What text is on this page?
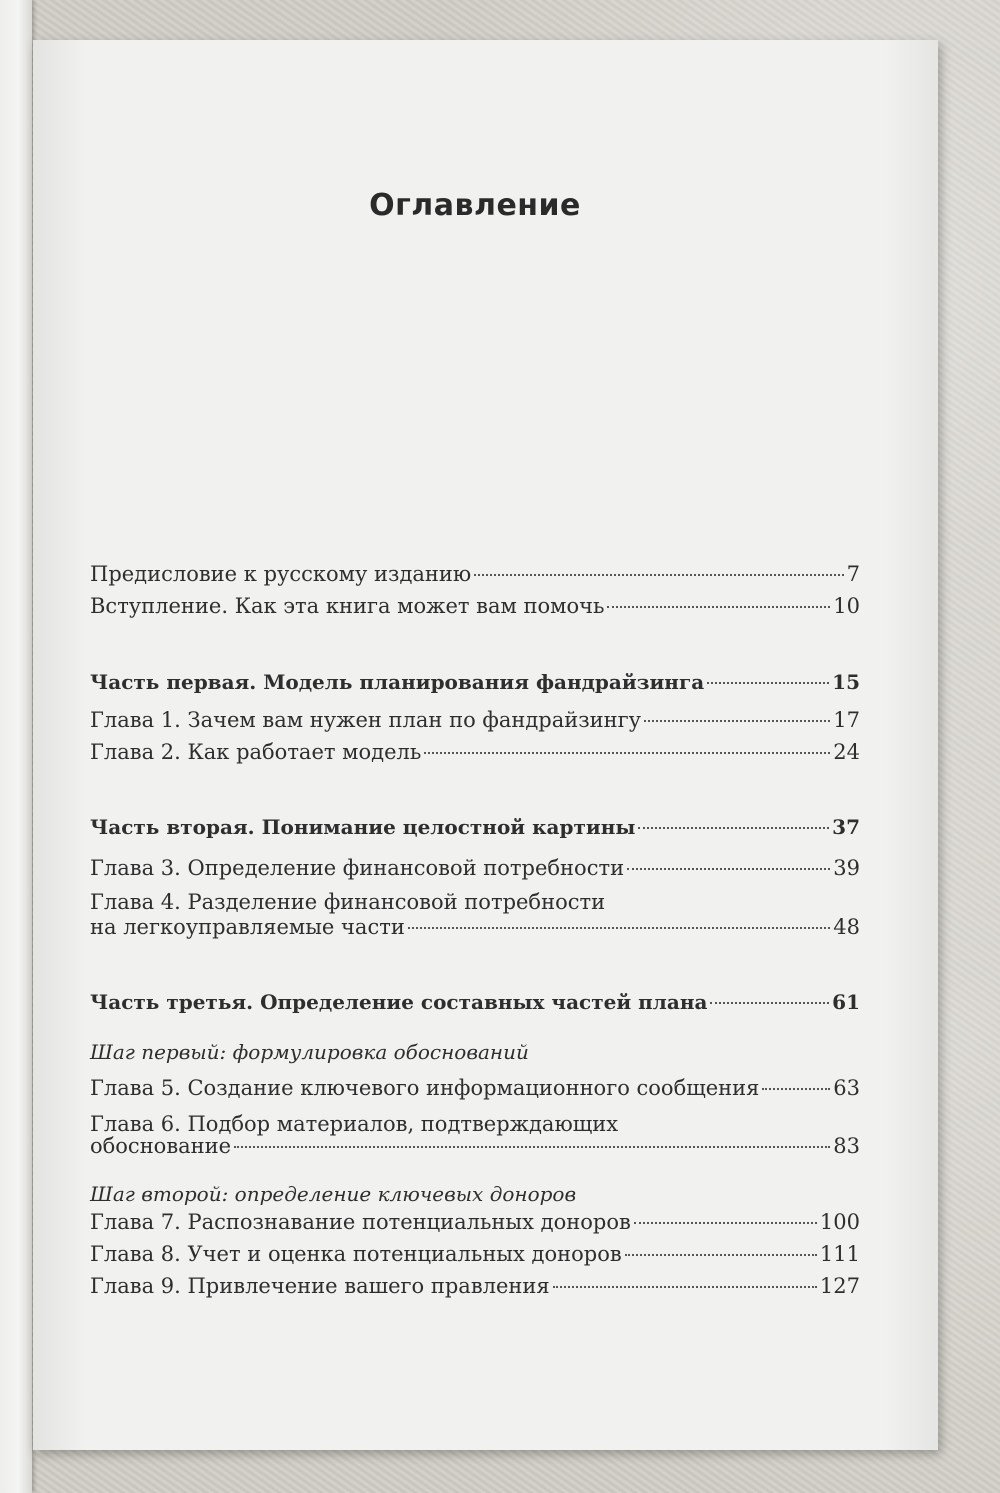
Оглавление
Предисловие к русскому изданию	7
Вступление. Как эта книга может вам помочь	10
Часть первая. Модель планирования фандрайзинга	15
Глава 1. Зачем вам нужен план по фандрайзингу	17
Глава 2. Как работает модель	24
Часть вторая. Понимание целостной картины	37
Глава 3. Определение финансовой потребности	39
Глава 4. Разделение финансовой потребности
на легкоуправляемые части	48
Часть третья. Определение составных частей плана	61
Шаг первый: формулировка обоснований
Глава 5. Создание ключевого информационного сообщения	63
Глава 6. Подбор материалов, подтверждающих
обоснование	83
Шаг второй: определение ключевых доноров
Глава 7. Распознавание потенциальных доноров	100
Глава 8. Учет и оценка потенциальных доноров	111
Глава 9. Привлечение вашего правления	127
